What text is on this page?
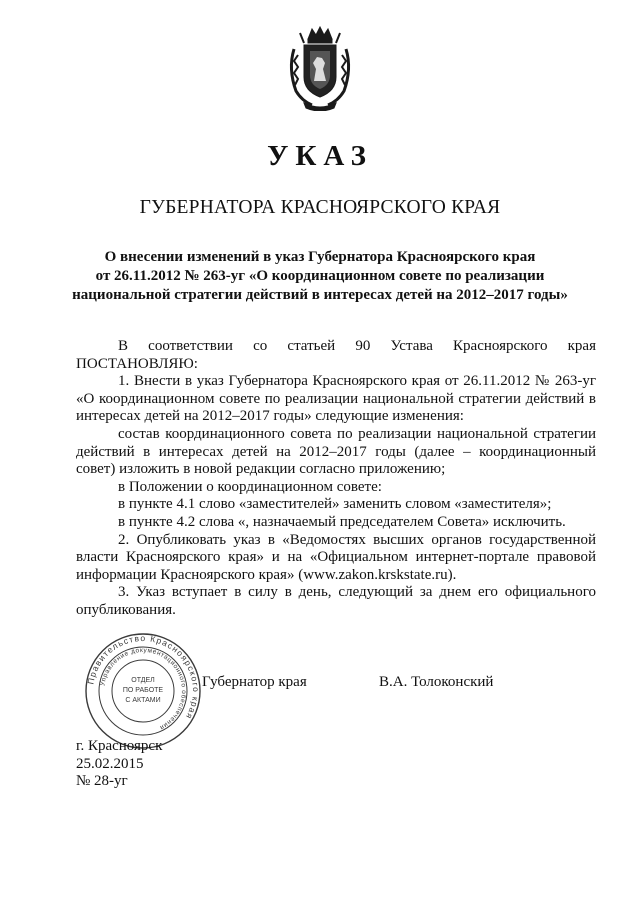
УКАЗ
ГУБЕРНАТОРА КРАСНОЯРСКОГО КРАЯ
О внесении изменений в указ Губернатора Красноярского края
от 26.11.2012 № 263-уг «О координационном совете по реализации
национальной стратегии действий в интересах детей на 2012–2017 годы»

В соответствии со статьей 90 Устава Красноярского края

ПОСТАНОВЛЯЮ:

1. Внести в указ Губернатора Красноярского края от 26.11.2012 № 263-уг «О координационном совете по реализации национальной стратегии действий в интересах детей на 2012–2017 годы» следующие изменения:

состав координационного совета по реализации национальной стратегии действий в интересах детей на 2012–2017 годы (далее – координационный совет) изложить в новой редакции согласно приложению;

в Положении о координационном совете:

в пункте 4.1 слово «заместителей» заменить словом «заместителя»;

в пункте 4.2 слова «, назначаемый председателем Совета» исключить.

2. Опубликовать указ в «Ведомостях высших органов государственной власти Красноярского края» и на «Официальном интернет-портале правовой информации Красноярского края» (www.zakon.krskstate.ru).

3. Указ вступает в силу в день, следующий за днем его официального опубликования.

Правительство Красноярского края
Управление документационного обеспечения
ОТДЕЛ
ПО РАБОТЕ
С АКТАМИ
Губернатор края	В.А. Толоконский
г. Красноярск
25.02.2015
№ 28-уг
